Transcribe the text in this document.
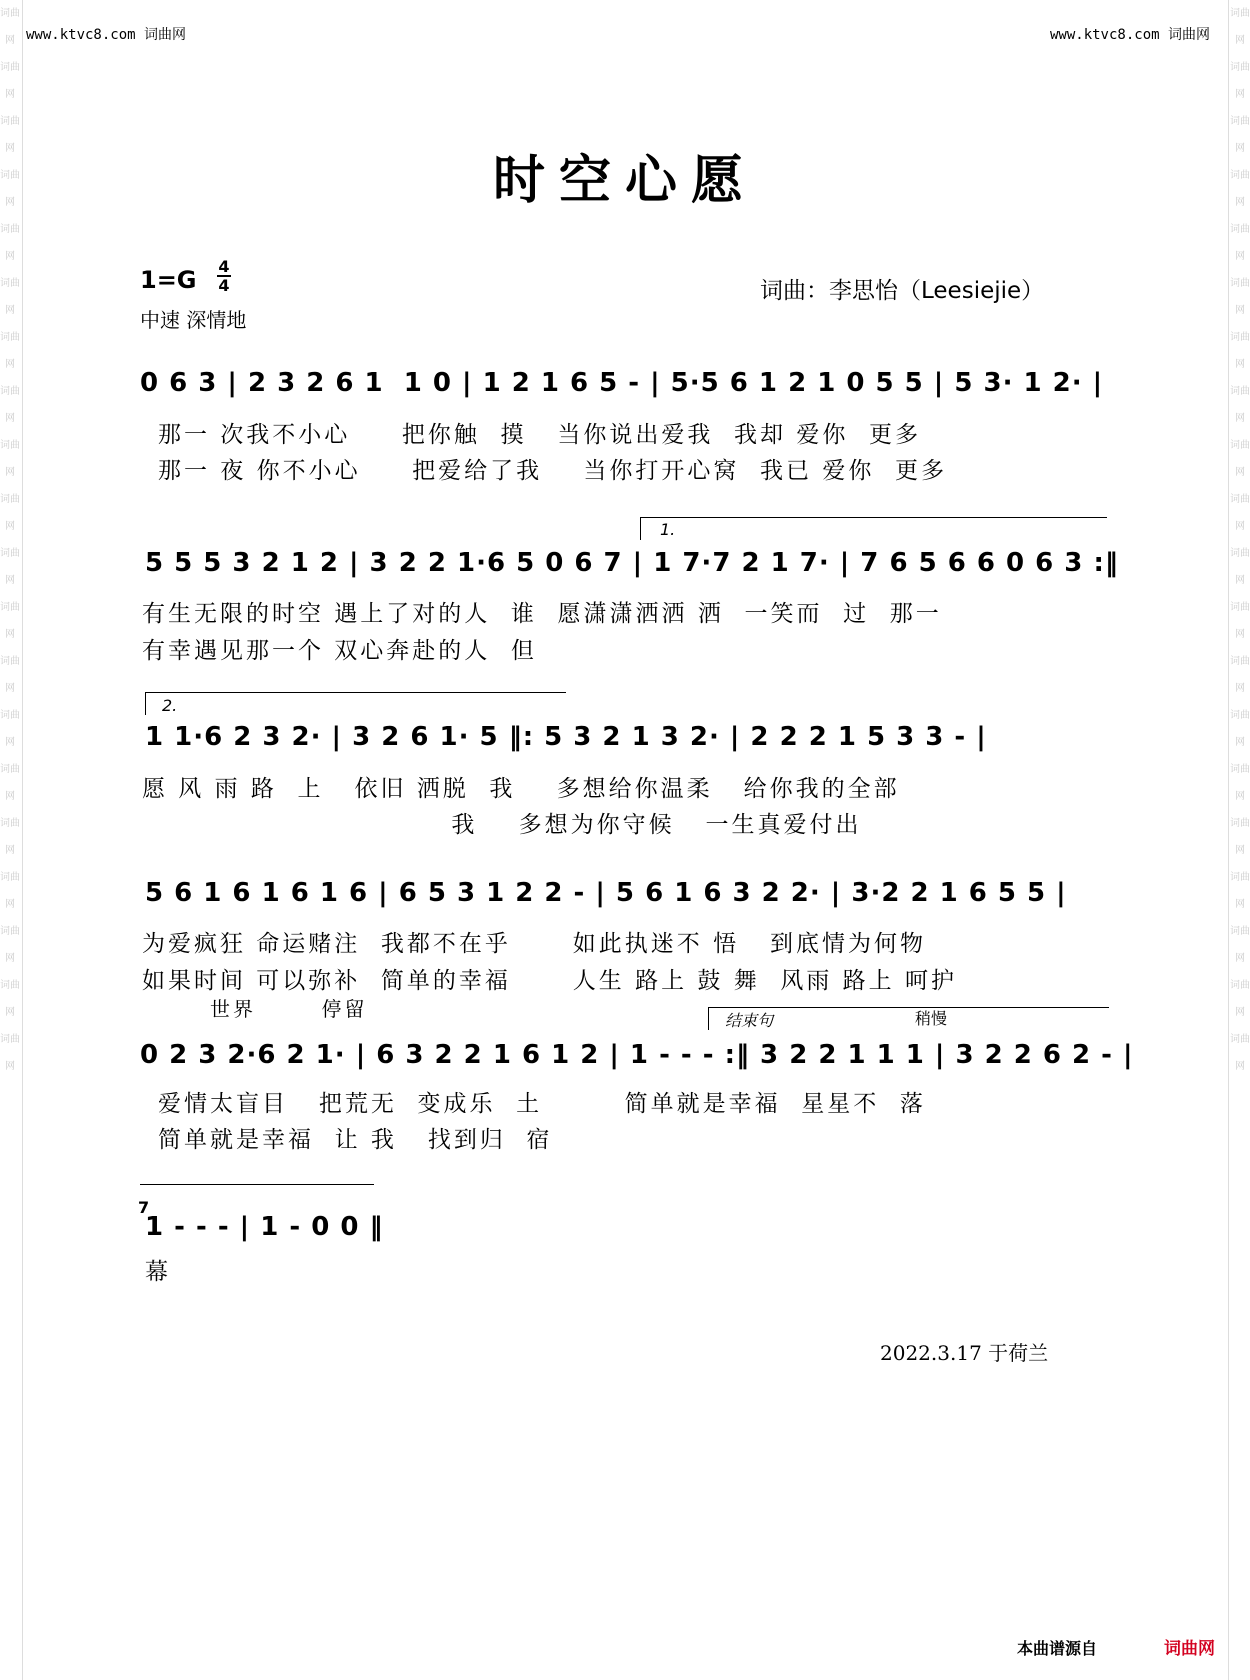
词曲网
词曲网
词曲网
词曲网
词曲网
词曲网
词曲网
词曲网
词曲网
词曲网
词曲网
词曲网
词曲网
词曲网
词曲网
词曲网
词曲网
词曲网
词曲网
词曲网
词曲网
词曲网
词曲网
词曲网
词曲网
词曲网
词曲网
词曲网
词曲网
词曲网
词曲网
词曲网
词曲网
词曲网
词曲网
词曲网
词曲网
词曲网
词曲网
词曲网
www.ktvc8.com 词曲网	www.ktvc8.com 词曲网
时空心愿
1=G 4
4
中速 深情地
词曲：李思怡（Leesiejie）
0 6 3 | 2 3 2 6 1  1 0 | 1 2 1 6 5 - | 5·5 6 1 2 1 0 5 5 | 5 3· 1 2· |
那一 次我不小心     把你触  摸   当你说出爱我  我却 爱你  更多
那一 夜 你不小心     把爱给了我    当你打开心窝  我已 爱你  更多
1.
5 5 5 3 2 1 2 | 3 2 2 1·6 5 0 6 7 | 1 7·7 2 1 7· | 7 6 5 6 6 0 6 3 :‖
有生无限的时空 遇上了对的人  谁  愿潇潇洒洒 洒  一笑而  过  那一
有幸遇见那一个 双心奔赴的人  但
2.
1 1·6 2 3 2· | 3 2 6 1· 5 ‖: 5 3 2 1 3 2· | 2 2 2 1 5 3 3 - |
愿 风 雨 路  上   依旧 洒脱  我    多想给你温柔   给你我的全部
我    多想为你守候   一生真爱付出
5 6 1 6 1 6 1 6 | 6 5 3 1 2 2 - | 5 6 1 6 3 2 2· | 3·2 2 1 6 5 5 |
为爱疯狂 命运赌注  我都不在乎      如此执迷不 悟   到底情为何物
如果时间 可以弥补  简单的幸福      人生 路上 鼓 舞  风雨 路上 呵护
世界       停留	结束句	稍慢
0 2 3 2·6 2 1· | 6 3 2 2 1 6 1 2 | 1 - - - :‖ 3 2 2 1 1 1 | 3 2 2 6 2 - |
爱情太盲目   把荒无  变成乐  土        简单就是幸福  星星不  落
简单就是幸福  让 我   找到归  宿
7
1 - - - | 1 - 0 0 ‖
幕
2022.3.17 于荷兰
本曲谱源自	词曲网
